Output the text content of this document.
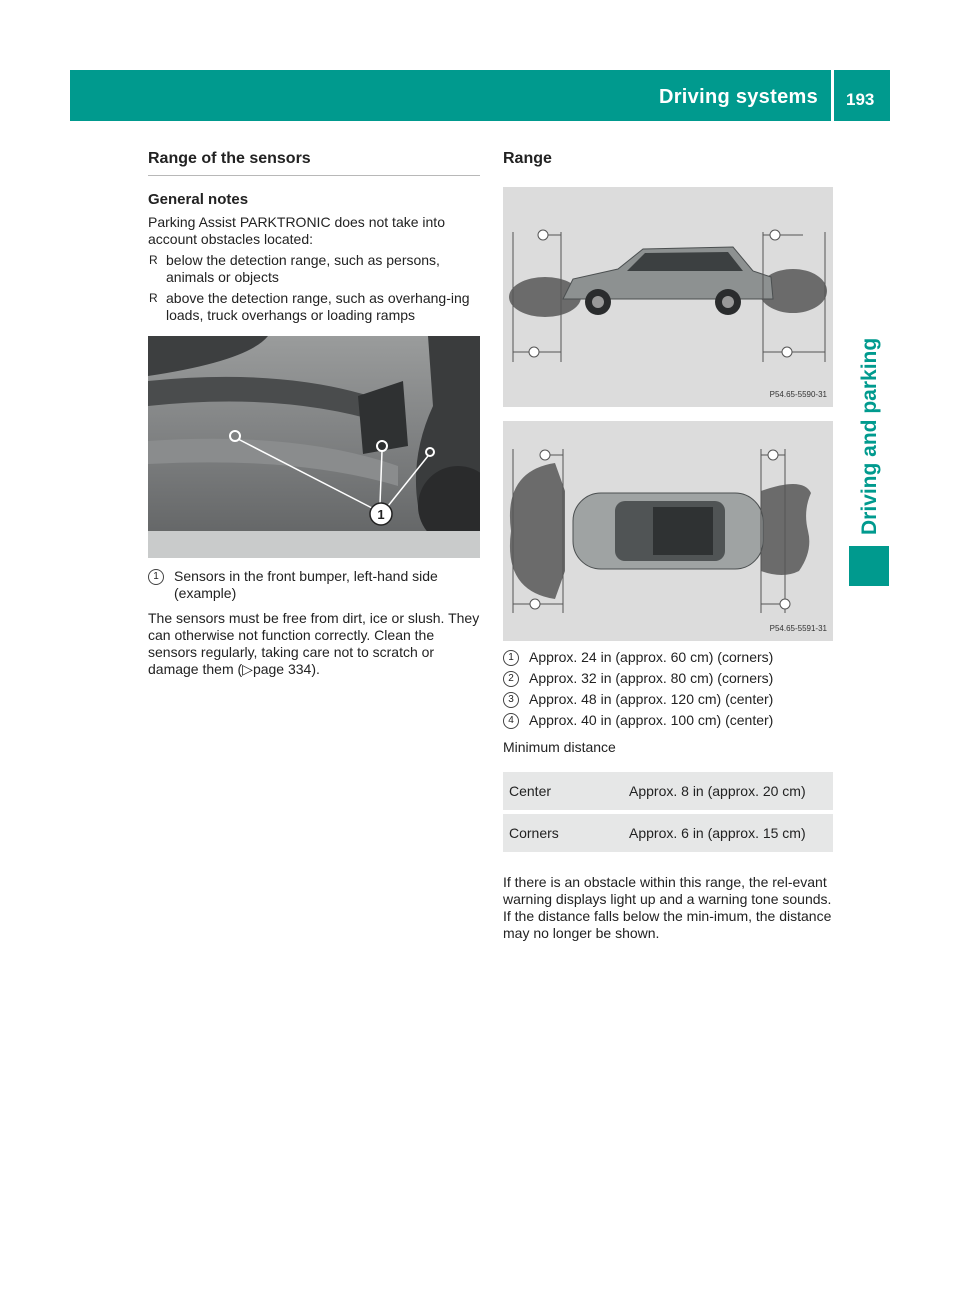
Driving systems 193
Driving and parking
Range of the sensors
General notes
Parking Assist PARKTRONIC does not take into account obstacles located:
R below the detection range, such as persons, animals or objects
R above the detection range, such as overhang-ing loads, truck overhangs or loading ramps
1
1	Sensors in the front bumper, left-hand side (example)
The sensors must be free from dirt, ice or slush. They can otherwise not function correctly. Clean the sensors regularly, taking care not to scratch or damage them (▷page 334).
Range
P54.65-5590-31
P54.65-5591-31
1	Approx. 24 in (approx. 60 cm) (corners)
2	Approx. 32 in (approx. 80 cm) (corners)
3	Approx. 48 in (approx. 120 cm) (center)
4	Approx. 40 in (approx. 100 cm) (center)
Minimum distance
Center	Approx. 8 in (approx. 20 cm)
Corners	Approx. 6 in (approx. 15 cm)
If there is an obstacle within this range, the rel-evant warning displays light up and a warning tone sounds. If the distance falls below the min-imum, the distance may no longer be shown.
